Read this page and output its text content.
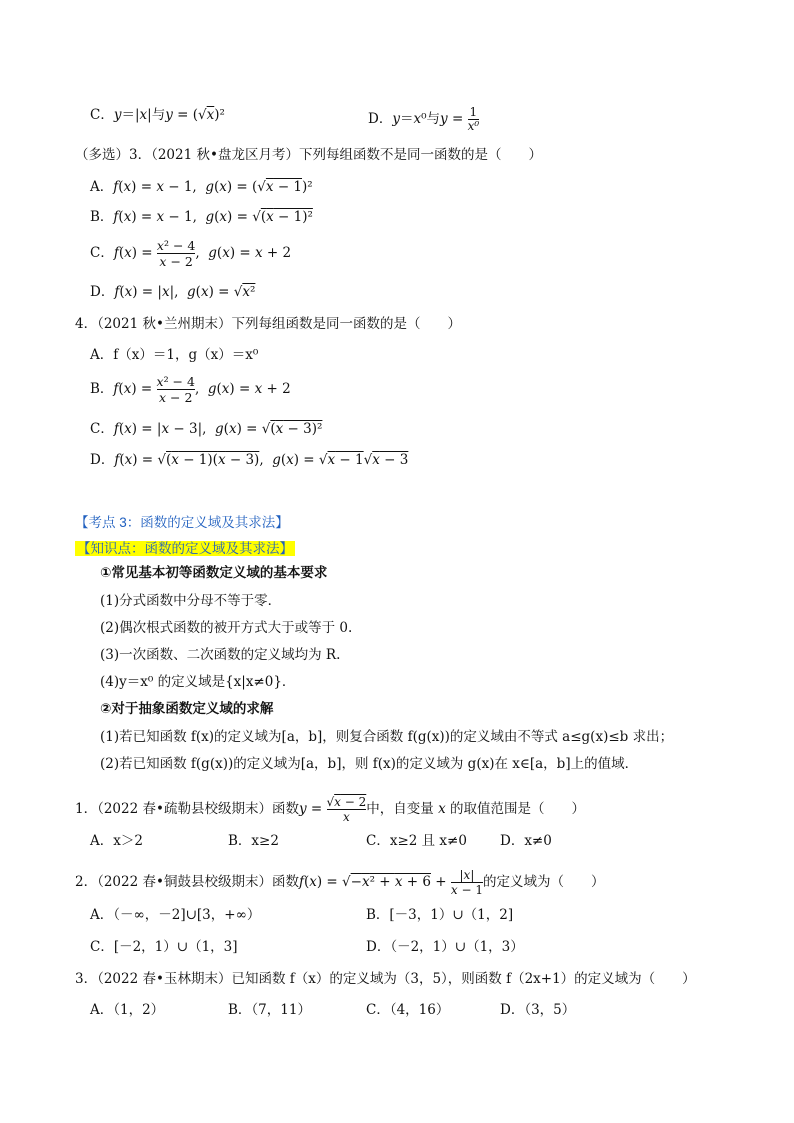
C．y＝|x|与y = (√x)²	D．y＝x⁰与$y = \frac{1}{\text{x⁰}}$
（多选）3．（2021 秋•盘龙区月考）下列每组函数不是同一函数的是（　　）
A．f(x) = x − 1,  g(x) = (√x − 1)²
B．f(x) = x − 1,  g(x) = √(x − 1)²
C．$f(x) = \frac{\text{x² − 4}}{x - 2}$ ,  g(x) = x + 2
D．f(x) = |x|,  g(x) = √x²
4．（2021 秋•兰州期末）下列每组函数是同一函数的是（　　）
A．f（x）＝1，g（x）＝x⁰
B．$f(x) = \frac{\text{x² − 4}}{x - 2}$ ,  g(x) = x + 2
C．f(x) = |x − 3|,  g(x) = √(x − 3)²
D．f(x) = √(x − 1)(x − 3),  g(x) = √x − 1√x − 3
【考点 3：函数的定义域及其求法】
【知识点：函数的定义域及其求法】
①常见基本初等函数定义域的基本要求
(1)分式函数中分母不等于零．
(2)偶次根式函数的被开方式大于或等于 0.
(3)一次函数、二次函数的定义域均为 R.
(4)y＝x⁰ 的定义域是{x|x≠0}．
②对于抽象函数定义域的求解
(1)若已知函数 f(x)的定义域为[a，b]，则复合函数 f(g(x))的定义域由不等式 a≤g(x)≤b 求出；
(2)若已知函数 f(g(x))的定义域为[a，b]，则 f(x)的定义域为 g(x)在 x∈[a，b]上的值域．
1．（2022 春•疏勒县校级期末）函数$y = \frac{√x - 2}{x}$ 中，自变量 x 的取值范围是（　　）
A．x＞2	B．x≥2	C．x≥2 且 x≠0 D．x≠0
2．（2022 春•铜鼓县校级期末）函数$f(x) = √-x^2 + x + 6 + \frac{|x|}{x - 1}$ 的定义域为（　　）
A．（－∞，－2]∪[3，+∞）	B．[－3，1）∪（1，2]
C．[－2，1）∪（1，3]	D．（－2，1）∪（1，3）
3．（2022 春•玉林期末）已知函数 f（x）的定义域为（3，5），则函数 f（2x+1）的定义域为（　　）
A．（1，2）	B．（7，11）	C．（4，16）	D．（3，5）
